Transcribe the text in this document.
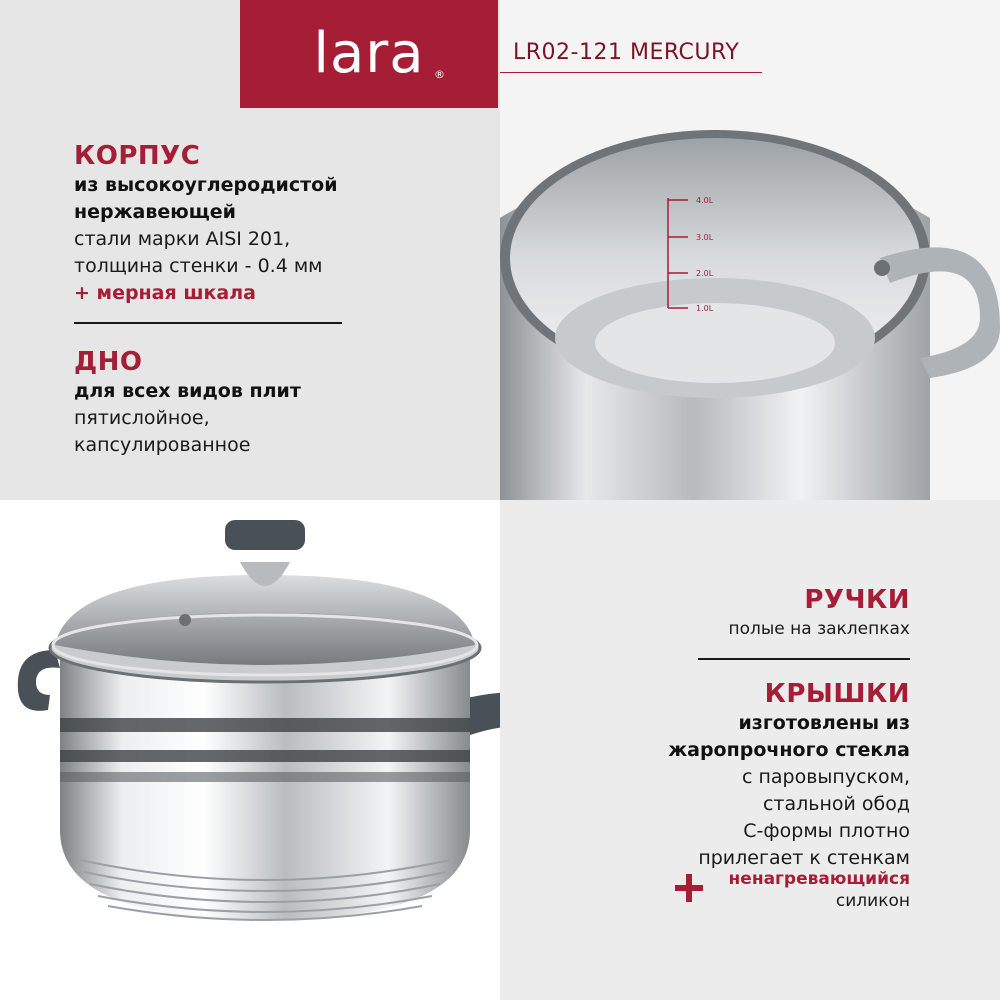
lara ®
LR02-121 MERCURY
КОРПУС
из высокоуглеродистой
нержавеющей
стали марки AISI 201,
толщина стенки - 0.4 мм
+ мерная шкала
ДНО
для всех видов плит
пятислойное,
капсулированное
РУЧКИ
полые на заклепках
КРЫШКИ
изготовлены из
жаропрочного стекла
с паровыпуском,
стальной обод
С-формы плотно
прилегает к стенкам
ненагревающийся
силикон
4.0L
3.0L
2.0L
1.0L
